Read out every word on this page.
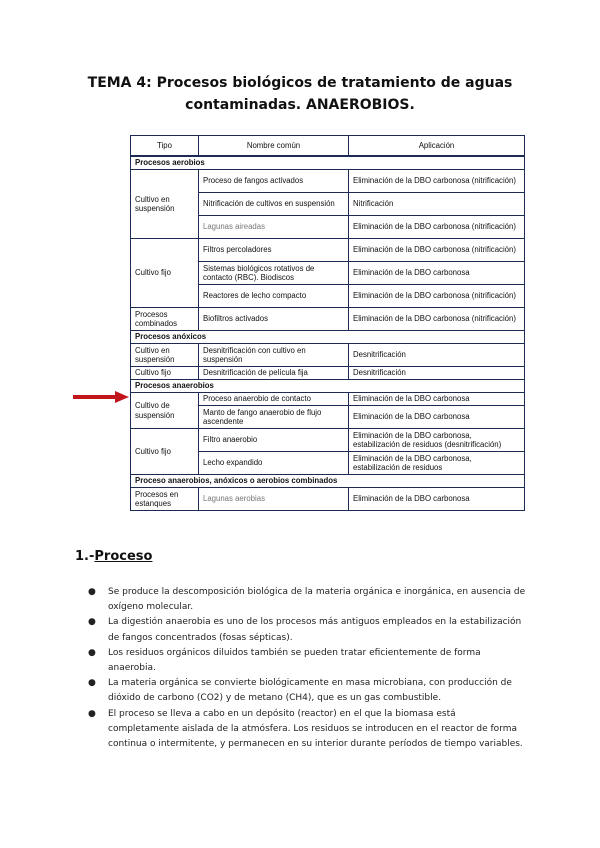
TEMA 4: Procesos biológicos de tratamiento de aguas
contaminadas. ANAEROBIOS.
Tipo	Nombre común	Aplicación
Procesos aerobios		
Cultivo en suspensión	Proceso de fangos activados	Eliminación de la DBO carbonosa (nitrificación)
	Nitrificación de cultivos en suspensión	Nitrificación
	Lagunas aireadas	Eliminación de la DBO carbonosa (nitrificación)
Cultivo fijo	Filtros percoladores	Eliminación de la DBO carbonosa (nitrificación)
	Sistemas biológicos rotativos de contacto (RBC). Biodiscos	Eliminación de la DBO carbonosa
	Reactores de lecho compacto	Eliminación de la DBO carbonosa (nitrificación)
Procesos combinados	Biofiltros activados	Eliminación de la DBO carbonosa (nitrificación)
Procesos anóxicos		
Cultivo en suspensión	Desnitrificación con cultivo en suspensión	Desnitrificación
Cultivo fijo	Desnitrificación de película fija	Desnitrificación
Procesos anaerobios		
Cultivo de suspensión	Proceso anaerobio de contacto	Eliminación de la DBO carbonosa
	Manto de fango anaerobio de flujo ascendente	Eliminación de la DBO carbonosa
Cultivo fijo	Filtro anaerobio	Eliminación de la DBO carbonosa, estabilización de residuos (desnitrificación)
	Lecho expandido	Eliminación de la DBO carbonosa, estabilización de residuos
Proceso anaerobios, anóxicos o aerobios combinados		
Procesos en estanques	Lagunas aerobias	Eliminación de la DBO carbonosa
1.-Proceso
● Se produce la descomposición biológica de la materia orgánica e inorgánica, en ausencia de oxígeno molecular.
● La digestión anaerobia es uno de los procesos más antiguos empleados en la estabilización de fangos concentrados (fosas sépticas).
● Los residuos orgánicos diluidos también se pueden tratar eficientemente de forma anaerobia.
● La materia orgánica se convierte biológicamente en masa microbiana, con producción de dióxido de carbono (CO2) y de metano (CH4), que es un gas combustible.
● El proceso se lleva a cabo en un depósito (reactor) en el que la biomasa está completamente aislada de la atmósfera. Los residuos se introducen en el reactor de forma continua o intermitente, y permanecen en su interior durante períodos de tiempo variables.
